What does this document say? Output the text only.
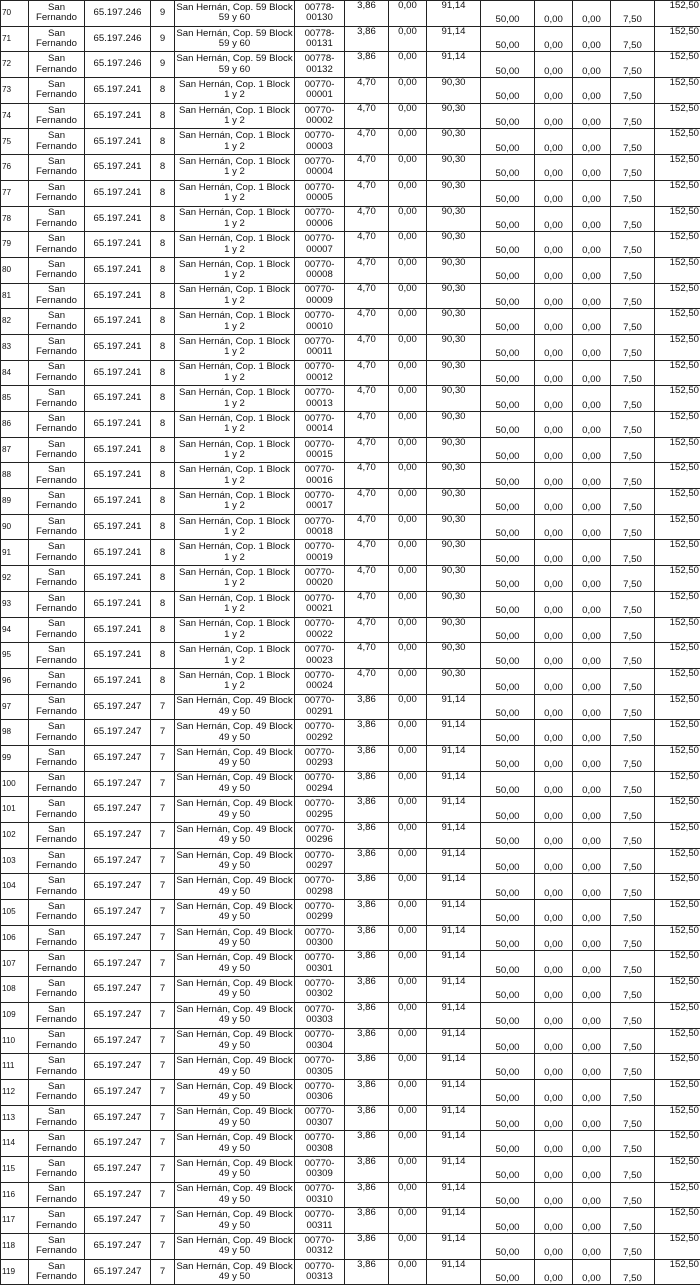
70	San
Fernando	65.197.246	9	San Hernán, Cop. 59 Block
59 y 60	00778-
00130	3,86	0,00	91,14	50,00	0,00	0,00	7,50	152,50
71	San
Fernando	65.197.246	9	San Hernán, Cop. 59 Block
59 y 60	00778-
00131	3,86	0,00	91,14	50,00	0,00	0,00	7,50	152,50
72	San
Fernando	65.197.246	9	San Hernán, Cop. 59 Block
59 y 60	00778-
00132	3,86	0,00	91,14	50,00	0,00	0,00	7,50	152,50
73	San
Fernando	65.197.241	8	San Hernán, Cop. 1 Block
1 y 2	00770-
00001	4,70	0,00	90,30	50,00	0,00	0,00	7,50	152,50
74	San
Fernando	65.197.241	8	San Hernán, Cop. 1 Block
1 y 2	00770-
00002	4,70	0,00	90,30	50,00	0,00	0,00	7,50	152,50
75	San
Fernando	65.197.241	8	San Hernán, Cop. 1 Block
1 y 2	00770-
00003	4,70	0,00	90,30	50,00	0,00	0,00	7,50	152,50
76	San
Fernando	65.197.241	8	San Hernán, Cop. 1 Block
1 y 2	00770-
00004	4,70	0,00	90,30	50,00	0,00	0,00	7,50	152,50
77	San
Fernando	65.197.241	8	San Hernán, Cop. 1 Block
1 y 2	00770-
00005	4,70	0,00	90,30	50,00	0,00	0,00	7,50	152,50
78	San
Fernando	65.197.241	8	San Hernán, Cop. 1 Block
1 y 2	00770-
00006	4,70	0,00	90,30	50,00	0,00	0,00	7,50	152,50
79	San
Fernando	65.197.241	8	San Hernán, Cop. 1 Block
1 y 2	00770-
00007	4,70	0,00	90,30	50,00	0,00	0,00	7,50	152,50
80	San
Fernando	65.197.241	8	San Hernán, Cop. 1 Block
1 y 2	00770-
00008	4,70	0,00	90,30	50,00	0,00	0,00	7,50	152,50
81	San
Fernando	65.197.241	8	San Hernán, Cop. 1 Block
1 y 2	00770-
00009	4,70	0,00	90,30	50,00	0,00	0,00	7,50	152,50
82	San
Fernando	65.197.241	8	San Hernán, Cop. 1 Block
1 y 2	00770-
00010	4,70	0,00	90,30	50,00	0,00	0,00	7,50	152,50
83	San
Fernando	65.197.241	8	San Hernán, Cop. 1 Block
1 y 2	00770-
00011	4,70	0,00	90,30	50,00	0,00	0,00	7,50	152,50
84	San
Fernando	65.197.241	8	San Hernán, Cop. 1 Block
1 y 2	00770-
00012	4,70	0,00	90,30	50,00	0,00	0,00	7,50	152,50
85	San
Fernando	65.197.241	8	San Hernán, Cop. 1 Block
1 y 2	00770-
00013	4,70	0,00	90,30	50,00	0,00	0,00	7,50	152,50
86	San
Fernando	65.197.241	8	San Hernán, Cop. 1 Block
1 y 2	00770-
00014	4,70	0,00	90,30	50,00	0,00	0,00	7,50	152,50
87	San
Fernando	65.197.241	8	San Hernán, Cop. 1 Block
1 y 2	00770-
00015	4,70	0,00	90,30	50,00	0,00	0,00	7,50	152,50
88	San
Fernando	65.197.241	8	San Hernán, Cop. 1 Block
1 y 2	00770-
00016	4,70	0,00	90,30	50,00	0,00	0,00	7,50	152,50
89	San
Fernando	65.197.241	8	San Hernán, Cop. 1 Block
1 y 2	00770-
00017	4,70	0,00	90,30	50,00	0,00	0,00	7,50	152,50
90	San
Fernando	65.197.241	8	San Hernán, Cop. 1 Block
1 y 2	00770-
00018	4,70	0,00	90,30	50,00	0,00	0,00	7,50	152,50
91	San
Fernando	65.197.241	8	San Hernán, Cop. 1 Block
1 y 2	00770-
00019	4,70	0,00	90,30	50,00	0,00	0,00	7,50	152,50
92	San
Fernando	65.197.241	8	San Hernán, Cop. 1 Block
1 y 2	00770-
00020	4,70	0,00	90,30	50,00	0,00	0,00	7,50	152,50
93	San
Fernando	65.197.241	8	San Hernán, Cop. 1 Block
1 y 2	00770-
00021	4,70	0,00	90,30	50,00	0,00	0,00	7,50	152,50
94	San
Fernando	65.197.241	8	San Hernán, Cop. 1 Block
1 y 2	00770-
00022	4,70	0,00	90,30	50,00	0,00	0,00	7,50	152,50
95	San
Fernando	65.197.241	8	San Hernán, Cop. 1 Block
1 y 2	00770-
00023	4,70	0,00	90,30	50,00	0,00	0,00	7,50	152,50
96	San
Fernando	65.197.241	8	San Hernán, Cop. 1 Block
1 y 2	00770-
00024	4,70	0,00	90,30	50,00	0,00	0,00	7,50	152,50
97	San
Fernando	65.197.247	7	San Hernán, Cop. 49 Block
49 y 50	00770-
00291	3,86	0,00	91,14	50,00	0,00	0,00	7,50	152,50
98	San
Fernando	65.197.247	7	San Hernán, Cop. 49 Block
49 y 50	00770-
00292	3,86	0,00	91,14	50,00	0,00	0,00	7,50	152,50
99	San
Fernando	65.197.247	7	San Hernán, Cop. 49 Block
49 y 50	00770-
00293	3,86	0,00	91,14	50,00	0,00	0,00	7,50	152,50
100	San
Fernando	65.197.247	7	San Hernán, Cop. 49 Block
49 y 50	00770-
00294	3,86	0,00	91,14	50,00	0,00	0,00	7,50	152,50
101	San
Fernando	65.197.247	7	San Hernán, Cop. 49 Block
49 y 50	00770-
00295	3,86	0,00	91,14	50,00	0,00	0,00	7,50	152,50
102	San
Fernando	65.197.247	7	San Hernán, Cop. 49 Block
49 y 50	00770-
00296	3,86	0,00	91,14	50,00	0,00	0,00	7,50	152,50
103	San
Fernando	65.197.247	7	San Hernán, Cop. 49 Block
49 y 50	00770-
00297	3,86	0,00	91,14	50,00	0,00	0,00	7,50	152,50
104	San
Fernando	65.197.247	7	San Hernán, Cop. 49 Block
49 y 50	00770-
00298	3,86	0,00	91,14	50,00	0,00	0,00	7,50	152,50
105	San
Fernando	65.197.247	7	San Hernán, Cop. 49 Block
49 y 50	00770-
00299	3,86	0,00	91,14	50,00	0,00	0,00	7,50	152,50
106	San
Fernando	65.197.247	7	San Hernán, Cop. 49 Block
49 y 50	00770-
00300	3,86	0,00	91,14	50,00	0,00	0,00	7,50	152,50
107	San
Fernando	65.197.247	7	San Hernán, Cop. 49 Block
49 y 50	00770-
00301	3,86	0,00	91,14	50,00	0,00	0,00	7,50	152,50
108	San
Fernando	65.197.247	7	San Hernán, Cop. 49 Block
49 y 50	00770-
00302	3,86	0,00	91,14	50,00	0,00	0,00	7,50	152,50
109	San
Fernando	65.197.247	7	San Hernán, Cop. 49 Block
49 y 50	00770-
00303	3,86	0,00	91,14	50,00	0,00	0,00	7,50	152,50
110	San
Fernando	65.197.247	7	San Hernán, Cop. 49 Block
49 y 50	00770-
00304	3,86	0,00	91,14	50,00	0,00	0,00	7,50	152,50
111	San
Fernando	65.197.247	7	San Hernán, Cop. 49 Block
49 y 50	00770-
00305	3,86	0,00	91,14	50,00	0,00	0,00	7,50	152,50
112	San
Fernando	65.197.247	7	San Hernán, Cop. 49 Block
49 y 50	00770-
00306	3,86	0,00	91,14	50,00	0,00	0,00	7,50	152,50
113	San
Fernando	65.197.247	7	San Hernán, Cop. 49 Block
49 y 50	00770-
00307	3,86	0,00	91,14	50,00	0,00	0,00	7,50	152,50
114	San
Fernando	65.197.247	7	San Hernán, Cop. 49 Block
49 y 50	00770-
00308	3,86	0,00	91,14	50,00	0,00	0,00	7,50	152,50
115	San
Fernando	65.197.247	7	San Hernán, Cop. 49 Block
49 y 50	00770-
00309	3,86	0,00	91,14	50,00	0,00	0,00	7,50	152,50
116	San
Fernando	65.197.247	7	San Hernán, Cop. 49 Block
49 y 50	00770-
00310	3,86	0,00	91,14	50,00	0,00	0,00	7,50	152,50
117	San
Fernando	65.197.247	7	San Hernán, Cop. 49 Block
49 y 50	00770-
00311	3,86	0,00	91,14	50,00	0,00	0,00	7,50	152,50
118	San
Fernando	65.197.247	7	San Hernán, Cop. 49 Block
49 y 50	00770-
00312	3,86	0,00	91,14	50,00	0,00	0,00	7,50	152,50
119	San
Fernando	65.197.247	7	San Hernán, Cop. 49 Block
49 y 50	00770-
00313	3,86	0,00	91,14	50,00	0,00	0,00	7,50	152,50
